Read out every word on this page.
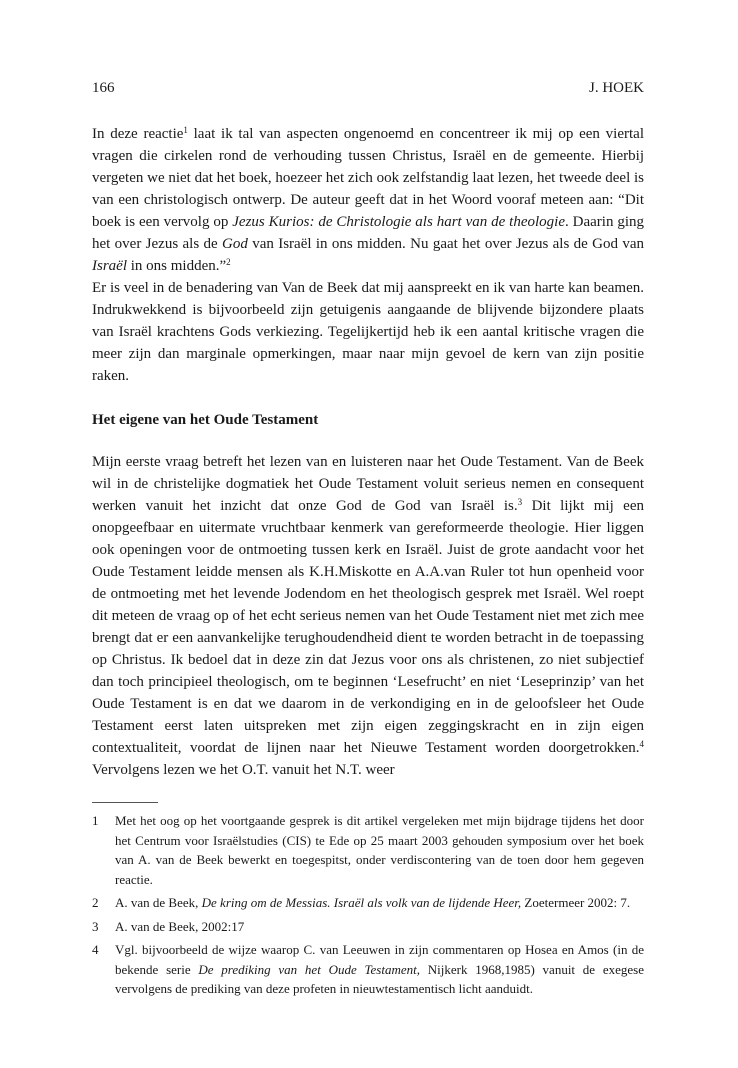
166	J. HOEK

In deze reactie$^1$ laat ik tal van aspecten ongenoemd en concentreer ik mij op een viertal vragen die cirkelen rond de verhouding tussen Christus, Israël en de gemeente. Hierbij vergeten we niet dat het boek, hoezeer het zich ook zelfstandig laat lezen, het tweede deel is van een christologisch ontwerp. De auteur geeft dat in het Woord vooraf meteen aan: “Dit boek is een vervolg op Jezus Kurios: de Christologie als hart van de theologie. Daarin ging het over Jezus als de God van Israël in ons midden. Nu gaat het over Jezus als de God van Israël in ons midden.”$^2$

Er is veel in de benadering van Van de Beek dat mij aanspreekt en ik van harte kan beamen. Indrukwekkend is bijvoorbeeld zijn getuigenis aangaande de blijvende bijzondere plaats van Israël krachtens Gods verkiezing. Tegelijkertijd heb ik een aantal kritische vragen die meer zijn dan marginale opmerkingen, maar naar mijn gevoel de kern van zijn positie raken.

Het eigene van het Oude Testament

Mijn eerste vraag betreft het lezen van en luisteren naar het Oude Testament. Van de Beek wil in de christelijke dogmatiek het Oude Testament voluit serieus nemen en consequent werken vanuit het inzicht dat onze God de God van Israël is.$^3$ Dit lijkt mij een onopgeefbaar en uitermate vruchtbaar kenmerk van gereformeerde theologie. Hier liggen ook openingen voor de ontmoeting tussen kerk en Israël. Juist de grote aandacht voor het Oude Testament leidde mensen als K.H.Miskotte en A.A.van Ruler tot hun openheid voor de ontmoeting met het levende Jodendom en het theologisch gesprek met Israël. Wel roept dit meteen de vraag op of het echt serieus nemen van het Oude Testament niet met zich mee brengt dat er een aanvankelijke terughoudendheid dient te worden betracht in de toepassing op Christus. Ik bedoel dat in deze zin dat Jezus voor ons als christenen, zo niet subjectief dan toch principieel theologisch, om te beginnen ‘Lesefrucht’ en niet ‘Leseprinzip’ van het Oude Testament is en dat we daarom in de verkondiging en in de geloofsleer het Oude Testament eerst laten uitspreken met zijn eigen zeggingskracht en in zijn eigen contextualiteit, voordat de lijnen naar het Nieuwe Testament worden doorgetrokken.$^4$ Vervolgens lezen we het O.T. vanuit het N.T. weer

1	Met het oog op het voortgaande gesprek is dit artikel vergeleken met mijn bijdrage tijdens het door het Centrum voor Israëlstudies (CIS) te Ede op 25 maart 2003 gehouden symposium over het boek van A. van de Beek bewerkt en toegespitst, onder verdiscontering van de toen door hem gegeven reactie.
2	A. van de Beek, De kring om de Messias. Israël als volk van de lijdende Heer, Zoetermeer 2002: 7.
3	A. van de Beek, 2002:17
4	Vgl. bijvoorbeeld de wijze waarop C. van Leeuwen in zijn commentaren op Hosea en Amos (in de bekende serie De prediking van het Oude Testament, Nijkerk 1968,1985) vanuit de exegese vervolgens de prediking van deze profeten in nieuwtestamentisch licht aanduidt.
